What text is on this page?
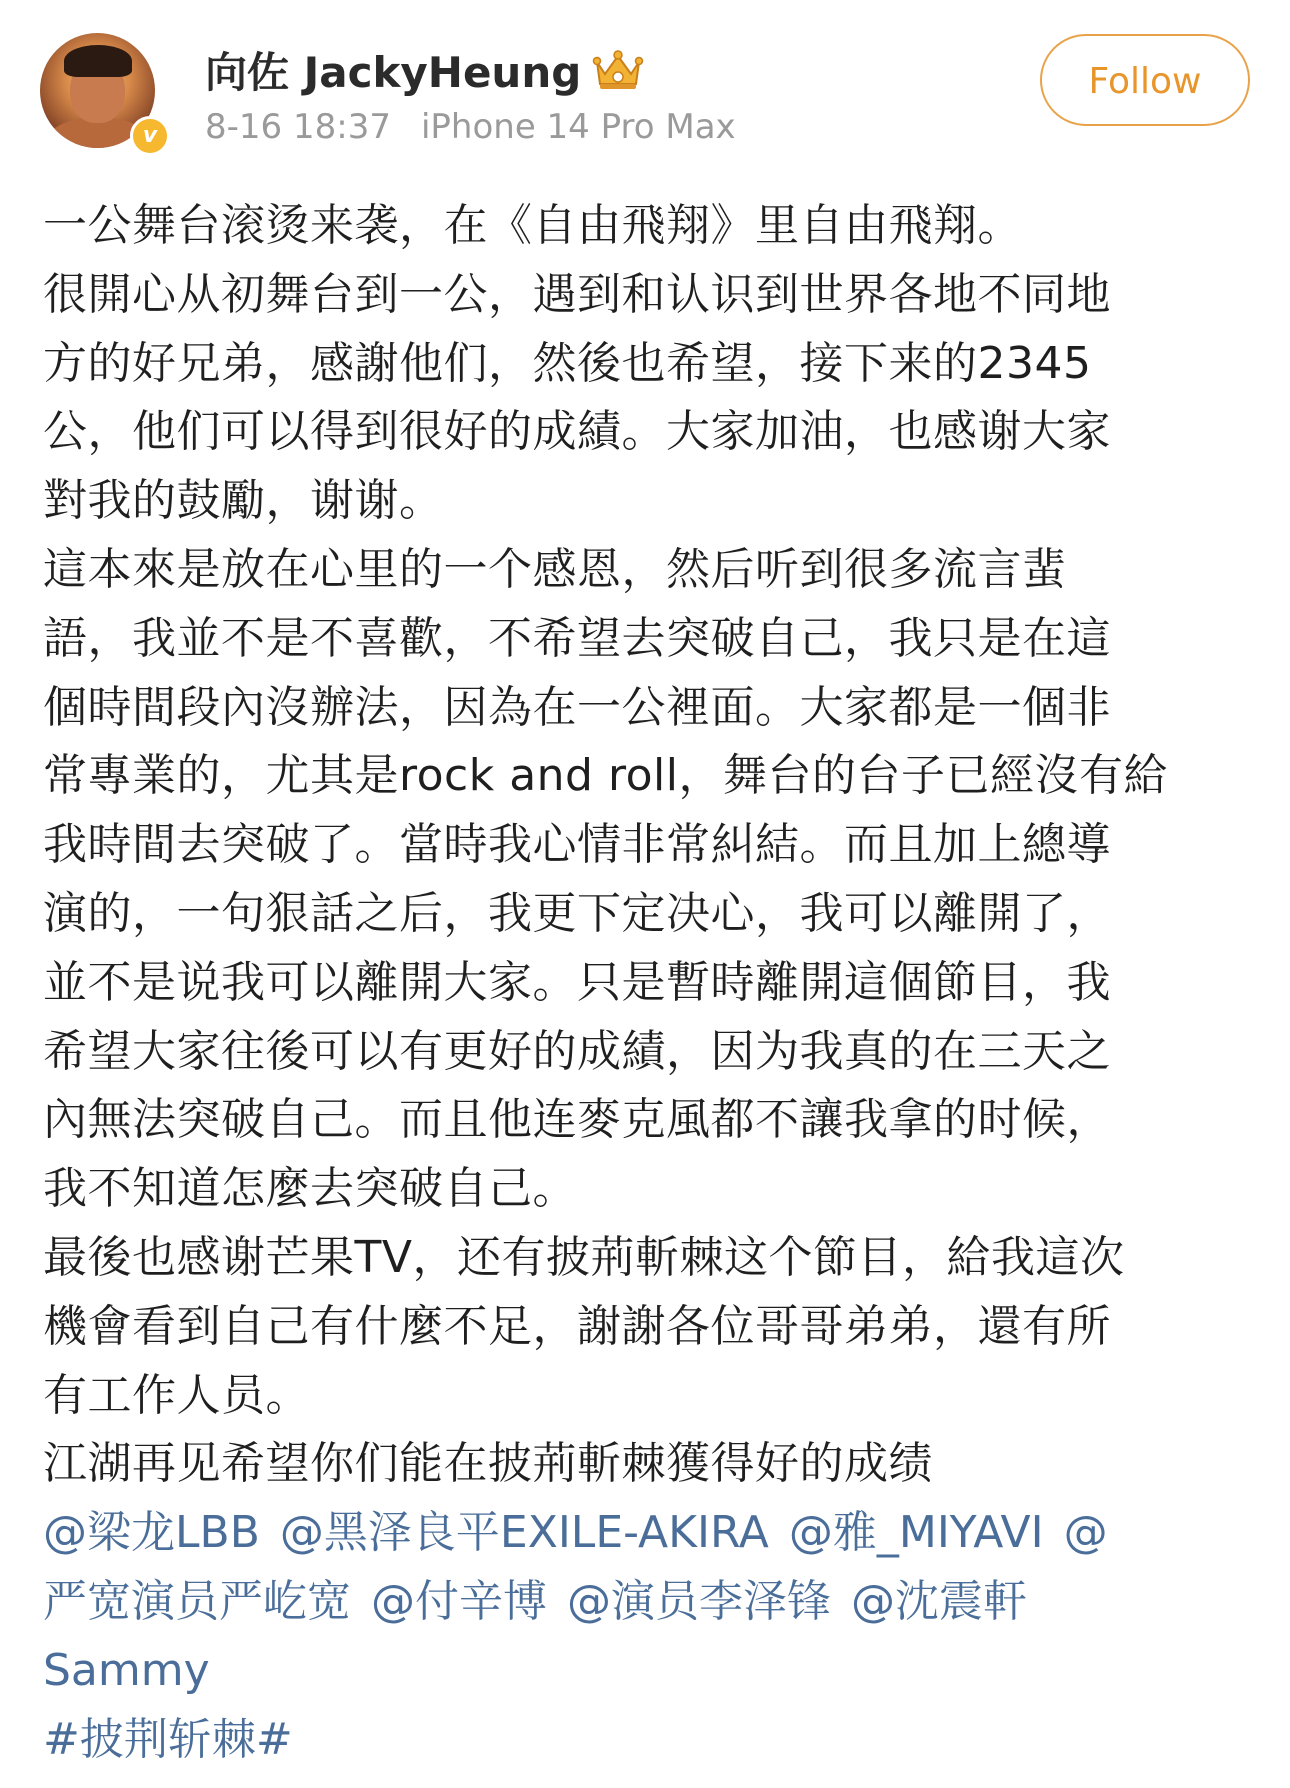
v
向佐 JackyHeung
8-16 18:37 iPhone 14 Pro Max
Follow
一公舞台滚烫来袭，在《自由飛翔》里自由飛翔。
很開心从初舞台到一公，遇到和认识到世界各地不同地
方的好兄弟，感謝他们，然後也希望，接下来的2345
公，他们可以得到很好的成績。大家加油，也感谢大家
對我的鼓勵，谢谢。
這本來是放在心里的一个感恩，然后听到很多流言蜚
語，我並不是不喜歡，不希望去突破自己，我只是在這
個時間段內沒辦法，因為在一公裡面。大家都是一個非
常專業的，尤其是rock and roll，舞台的台子已經沒有給
我時間去突破了。當時我心情非常糾結。而且加上總導
演的，一句狠話之后，我更下定决心，我可以離開了，
並不是说我可以離開大家。只是暫時離開這個節目，我
希望大家往後可以有更好的成績，因为我真的在三天之
內無法突破自己。而且他连麥克風都不讓我拿的时候，
我不知道怎麼去突破自己。
最後也感谢芒果TV，还有披荊斬棘这个節目，給我這次
機會看到自己有什麼不足，謝謝各位哥哥弟弟，還有所
有工作人员。
江湖再见希望你们能在披荊斬棘獲得好的成绩
@梁龙LBB @黑泽良平EXILE-AKIRA @雅_MIYAVI @
严宽演员严屹宽 @付辛博 @演员李泽锋 @沈震軒
Sammy
#披荆斩棘#
